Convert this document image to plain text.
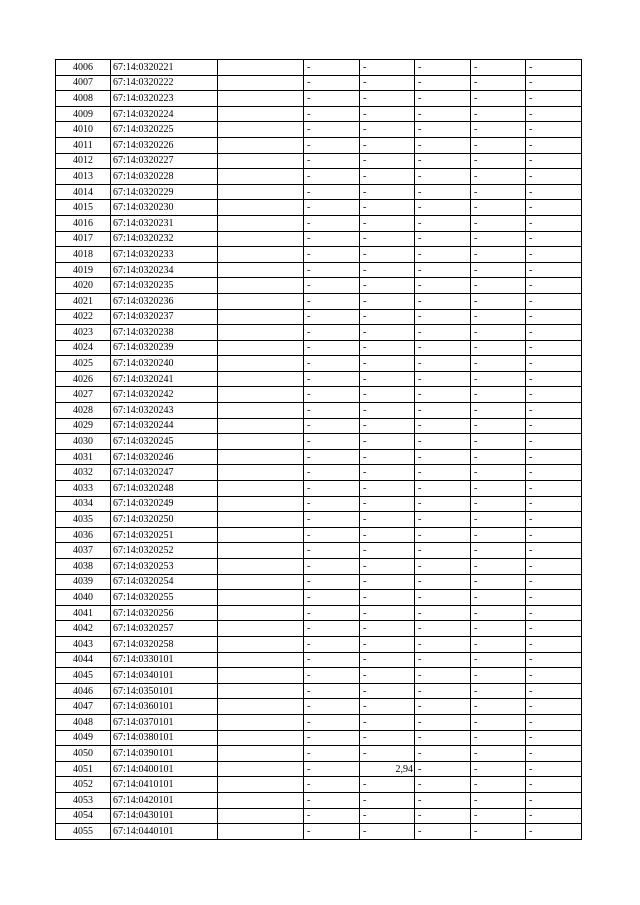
4006	67:14:0320221		-	-	-	-	-
4007	67:14:0320222		-	-	-	-	-
4008	67:14:0320223		-	-	-	-	-
4009	67:14:0320224		-	-	-	-	-
4010	67:14:0320225		-	-	-	-	-
4011	67:14:0320226		-	-	-	-	-
4012	67:14:0320227		-	-	-	-	-
4013	67:14:0320228		-	-	-	-	-
4014	67:14:0320229		-	-	-	-	-
4015	67:14:0320230		-	-	-	-	-
4016	67:14:0320231		-	-	-	-	-
4017	67:14:0320232		-	-	-	-	-
4018	67:14:0320233		-	-	-	-	-
4019	67:14:0320234		-	-	-	-	-
4020	67:14:0320235		-	-	-	-	-
4021	67:14:0320236		-	-	-	-	-
4022	67:14:0320237		-	-	-	-	-
4023	67:14:0320238		-	-	-	-	-
4024	67:14:0320239		-	-	-	-	-
4025	67:14:0320240		-	-	-	-	-
4026	67:14:0320241		-	-	-	-	-
4027	67:14:0320242		-	-	-	-	-
4028	67:14:0320243		-	-	-	-	-
4029	67:14:0320244		-	-	-	-	-
4030	67:14:0320245		-	-	-	-	-
4031	67:14:0320246		-	-	-	-	-
4032	67:14:0320247		-	-	-	-	-
4033	67:14:0320248		-	-	-	-	-
4034	67:14:0320249		-	-	-	-	-
4035	67:14:0320250		-	-	-	-	-
4036	67:14:0320251		-	-	-	-	-
4037	67:14:0320252		-	-	-	-	-
4038	67:14:0320253		-	-	-	-	-
4039	67:14:0320254		-	-	-	-	-
4040	67:14:0320255		-	-	-	-	-
4041	67:14:0320256		-	-	-	-	-
4042	67:14:0320257		-	-	-	-	-
4043	67:14:0320258		-	-	-	-	-
4044	67:14:0330101		-	-	-	-	-
4045	67:14:0340101		-	-	-	-	-
4046	67:14:0350101		-	-	-	-	-
4047	67:14:0360101		-	-	-	-	-
4048	67:14:0370101		-	-	-	-	-
4049	67:14:0380101		-	-	-	-	-
4050	67:14:0390101		-	-	-	-	-
4051	67:14:0400101		-	2,94	-	-	-
4052	67:14:0410101		-	-	-	-	-
4053	67:14:0420101		-	-	-	-	-
4054	67:14:0430101		-	-	-	-	-
4055	67:14:0440101		-	-	-	-	-
